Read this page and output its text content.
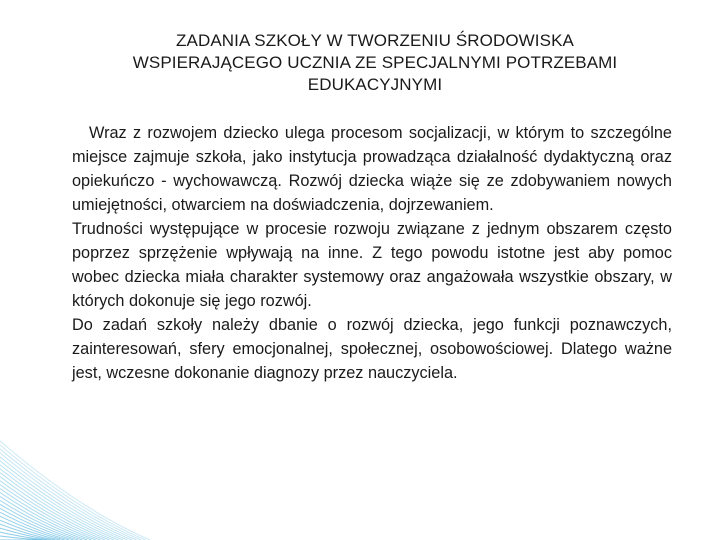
ZADANIA SZKOŁY W TWORZENIU ŚRODOWISKA
WSPIERAJĄCEGO UCZNIA ZE SPECJALNYMI POTRZEBAMI
EDUKACYJNYMI

Wraz z rozwojem dziecko ulega procesom socjalizacji, w którym to szczególne miejsce zajmuje szkoła, jako instytucja prowadząca działalność dydaktyczną oraz opiekuńczo - wychowawczą. Rozwój dziecka wiąże się ze zdobywaniem nowych umiejętności, otwarciem na doświadczenia, dojrzewaniem.

Trudności występujące w procesie rozwoju związane z jednym obszarem często poprzez sprzężenie wpływają na inne. Z tego powodu istotne jest aby pomoc wobec dziecka miała charakter systemowy oraz angażowała wszystkie obszary, w których dokonuje się jego rozwój.

Do zadań szkoły należy dbanie o rozwój dziecka, jego funkcji poznawczych, zainteresowań, sfery emocjonalnej, społecznej, osobowościowej. Dlatego ważne jest, wczesne dokonanie diagnozy przez nauczyciela.
